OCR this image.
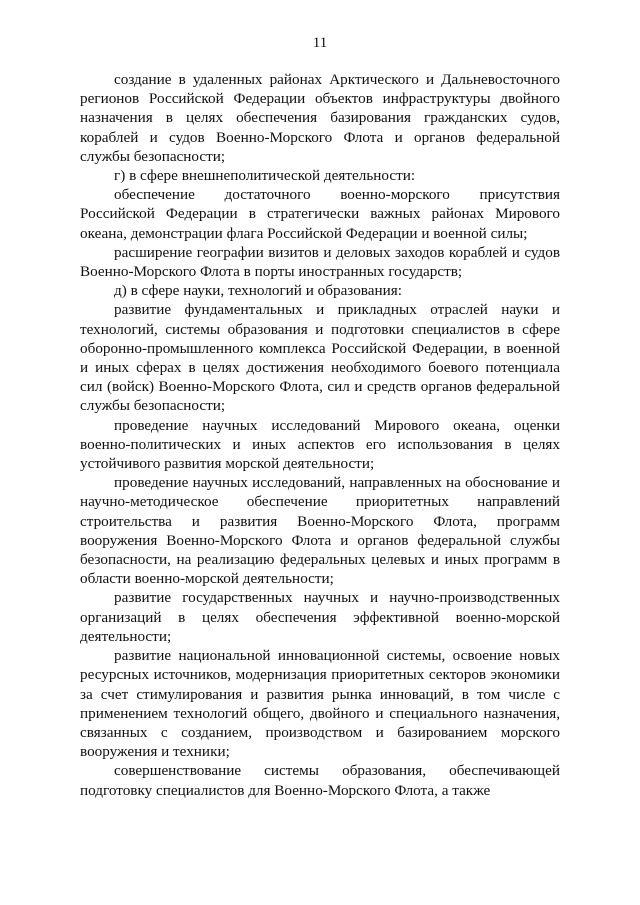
11

создание в удаленных районах Арктического и Дальневосточного регионов Российской Федерации объектов инфраструктуры двойного назначения в целях обеспечения базирования гражданских судов, кораблей и судов Военно-Морского Флота и органов федеральной службы безопасности;

г) в сфере внешнеполитической деятельности:

обеспечение достаточного военно-морского присутствия Российской Федерации в стратегически важных районах Мирового океана, демонстрации флага Российской Федерации и военной силы;

расширение географии визитов и деловых заходов кораблей и судов Военно-Морского Флота в порты иностранных государств;

д) в сфере науки, технологий и образования:

развитие фундаментальных и прикладных отраслей науки и технологий, системы образования и подготовки специалистов в сфере оборонно-промышленного комплекса Российской Федерации, в военной и иных сферах в целях достижения необходимого боевого потенциала сил (войск) Военно-Морского Флота, сил и средств органов федеральной службы безопасности;

проведение научных исследований Мирового океана, оценки военно-политических и иных аспектов его использования в целях устойчивого развития морской деятельности;

проведение научных исследований, направленных на обоснование и научно-методическое обеспечение приоритетных направлений строительства и развития Военно-Морского Флота, программ вооружения Военно-Морского Флота и органов федеральной службы безопасности, на реализацию федеральных целевых и иных программ в области военно-морской деятельности;

развитие государственных научных и научно-производственных организаций в целях обеспечения эффективной военно-морской деятельности;

развитие национальной инновационной системы, освоение новых ресурсных источников, модернизация приоритетных секторов экономики за счет стимулирования и развития рынка инноваций, в том числе с применением технологий общего, двойного и специального назначения, связанных с созданием, производством и базированием морского вооружения и техники;

совершенствование системы образования, обеспечивающей подготовку специалистов для Военно-Морского Флота, а также
